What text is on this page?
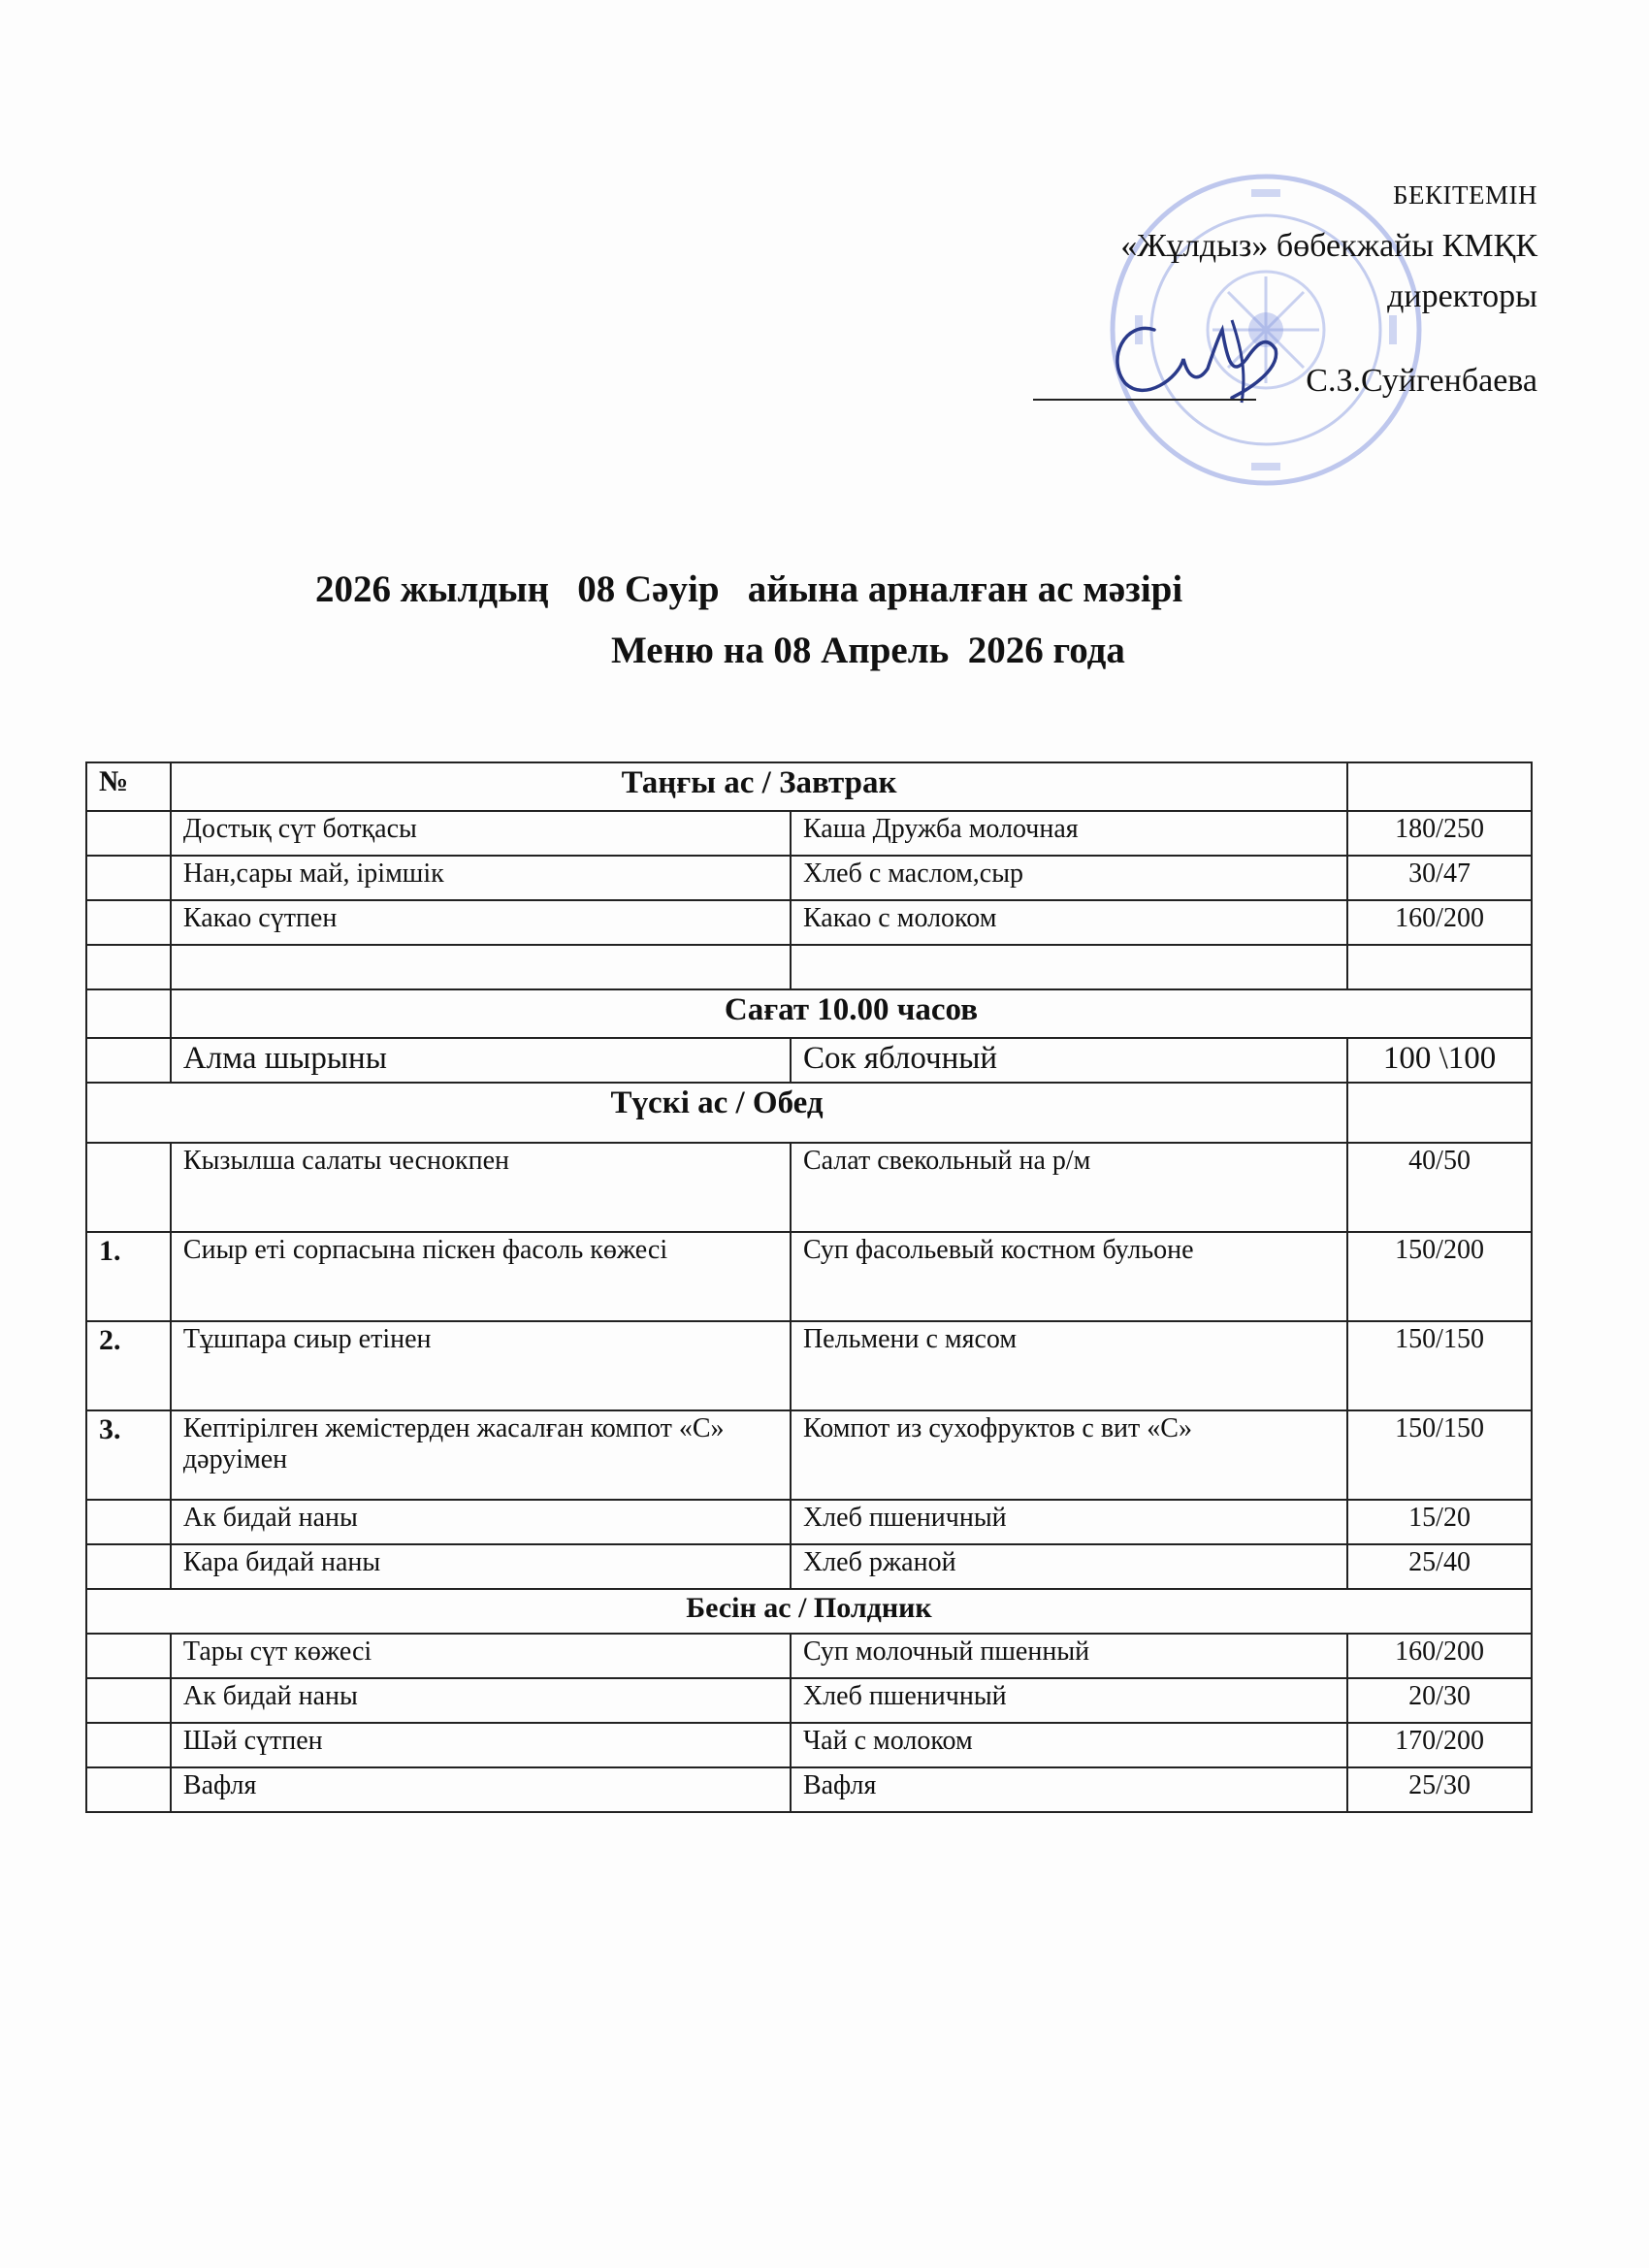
БЕКІТЕМІН
«Жұлдыз» бөбекжайы КМҚК
директоры
С.З.Суйгенбаева
2026 жылдың   08 Сәуір   айына арналған ас мәзірі
Меню на 08 Апрель  2026 года
№	Таңғы ас / Завтрак		
	Достық сүт ботқасы	Каша Дружба молочная	180/250
	Нан,сары май, ірімшік	Хлеб с маслом,сыр	30/47
	Какао сүтпен	Какао с молоком	160/200

	Сағат 10.00 часов		
	Алма шырыны	Сок яблочный	100 \100
Түскі ас / Обед			
	Кызылша салаты чеснокпен	Салат свекольный на р/м	40/50
1.	Сиыр еті сорпасына піскен фасоль көжесі	Суп фасольевый костном бульоне	150/200
2.	Тұшпара сиыр етінен	Пельмени с мясом	150/150
3.	Кептірілген жемістерден жасалған компот «С» дәруімен	Компот из сухофруктов с вит «С»	150/150
	Ак бидай наны	Хлеб пшеничный	15/20
	Кара бидай наны	Хлеб ржаной	25/40
Бесін ас / Полдник			
	Тары сүт көжесі	Суп молочный пшенный	160/200
	Ак бидай наны	Хлеб пшеничный	20/30
	Шәй сүтпен	Чай с молоком	170/200
	Вафля	Вафля	25/30
